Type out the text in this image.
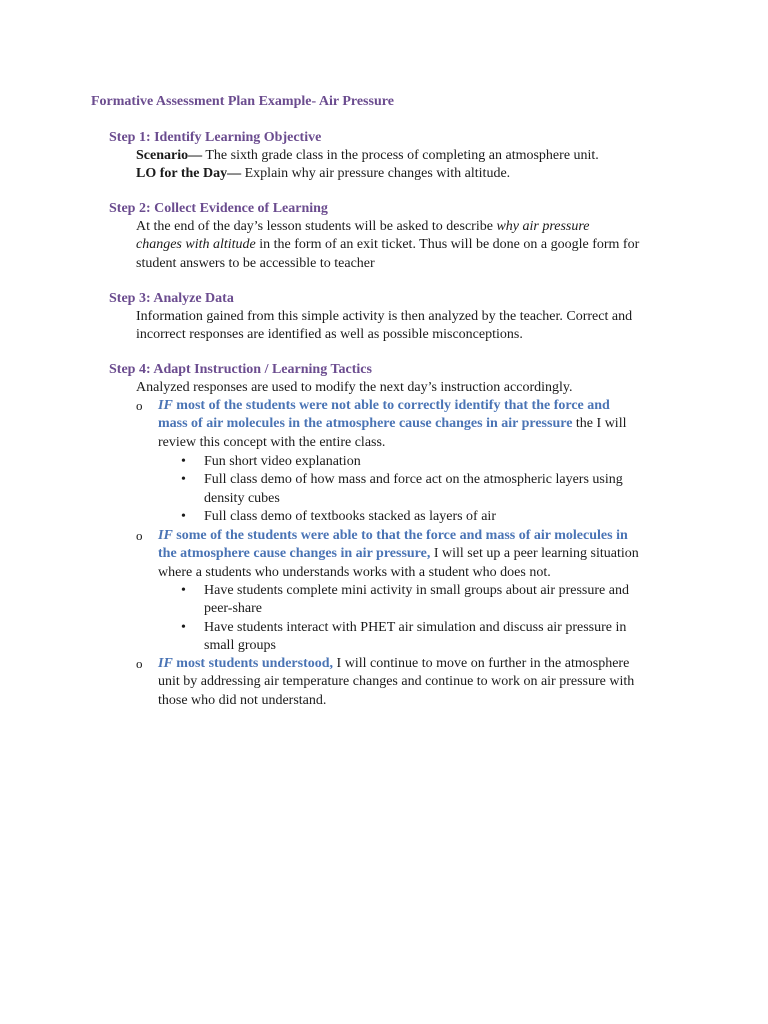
Formative Assessment Plan Example- Air Pressure
Step 1: Identify Learning Objective
Scenario— The sixth grade class in the process of completing an atmosphere unit.
LO for the Day— Explain why air pressure changes with altitude.
Step 2: Collect Evidence of Learning
At the end of the day’s lesson students will be asked to describe why air pressure
changes with altitude in the form of an exit ticket. Thus will be done on a google form for
student answers to be accessible to teacher
Step 3: Analyze Data
Information gained from this simple activity is then analyzed by the teacher. Correct and
incorrect responses are identified as well as possible misconceptions.
Step 4: Adapt Instruction / Learning Tactics
Analyzed responses are used to modify the next day’s instruction accordingly.
o IF most of the students were not able to correctly identify that the force and
mass of air molecules in the atmosphere cause changes in air pressure the I will
review this concept with the entire class.
• Fun short video explanation
• Full class demo of how mass and force act on the atmospheric layers using
density cubes
• Full class demo of textbooks stacked as layers of air
o IF some of the students were able to that the force and mass of air molecules in
the atmosphere cause changes in air pressure, I will set up a peer learning situation
where a students who understands works with a student who does not.
• Have students complete mini activity in small groups about air pressure and
peer-share
• Have students interact with PHET air simulation and discuss air pressure in
small groups
o IF most students understood, I will continue to move on further in the atmosphere
unit by addressing air temperature changes and continue to work on air pressure with
those who did not understand.
